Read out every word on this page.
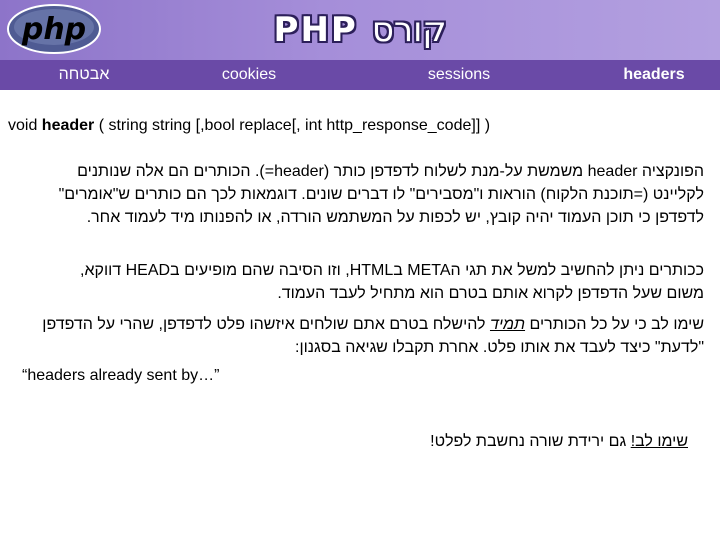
php	PHP קורס
headers
sessions
cookies
אבטחה
void header ( string string [,bool replace[, int http_response_code]] )
הפונקציה header משמשת על-מנת לשלוח לדפדפן כותר (header=). הכותרים הם אלה שנותנים לקליינט (=תוכנת הלקוח) הוראות ו"מסבירים" לו דברים שונים. דוגמאות לכך הם כותרים ש"אומרים" לדפדפן כי תוכן העמוד יהיה קובץ, יש לכפות על המשתמש הורדה, או להפנותו מיד לעמוד אחר.
ככותרים ניתן להחשיב למשל את תגי הMETA בHTML, וזו הסיבה שהם מופיעים בHEAD דווקא, משום שעל הדפדפן לקרוא אותם בטרם הוא מתחיל לעבד העמוד.
שימו לב כי על כל הכותרים תמיד להישלח בטרם אתם שולחים איזשהו פלט לדפדפן, שהרי על הדפדפן "לדעת" כיצד לעבד את אותו פלט. אחרת תקבלו שגיאה בסגנון:
“headers already sent by…”
שימו לב! גם ירידת שורה נחשבת לפלט!
